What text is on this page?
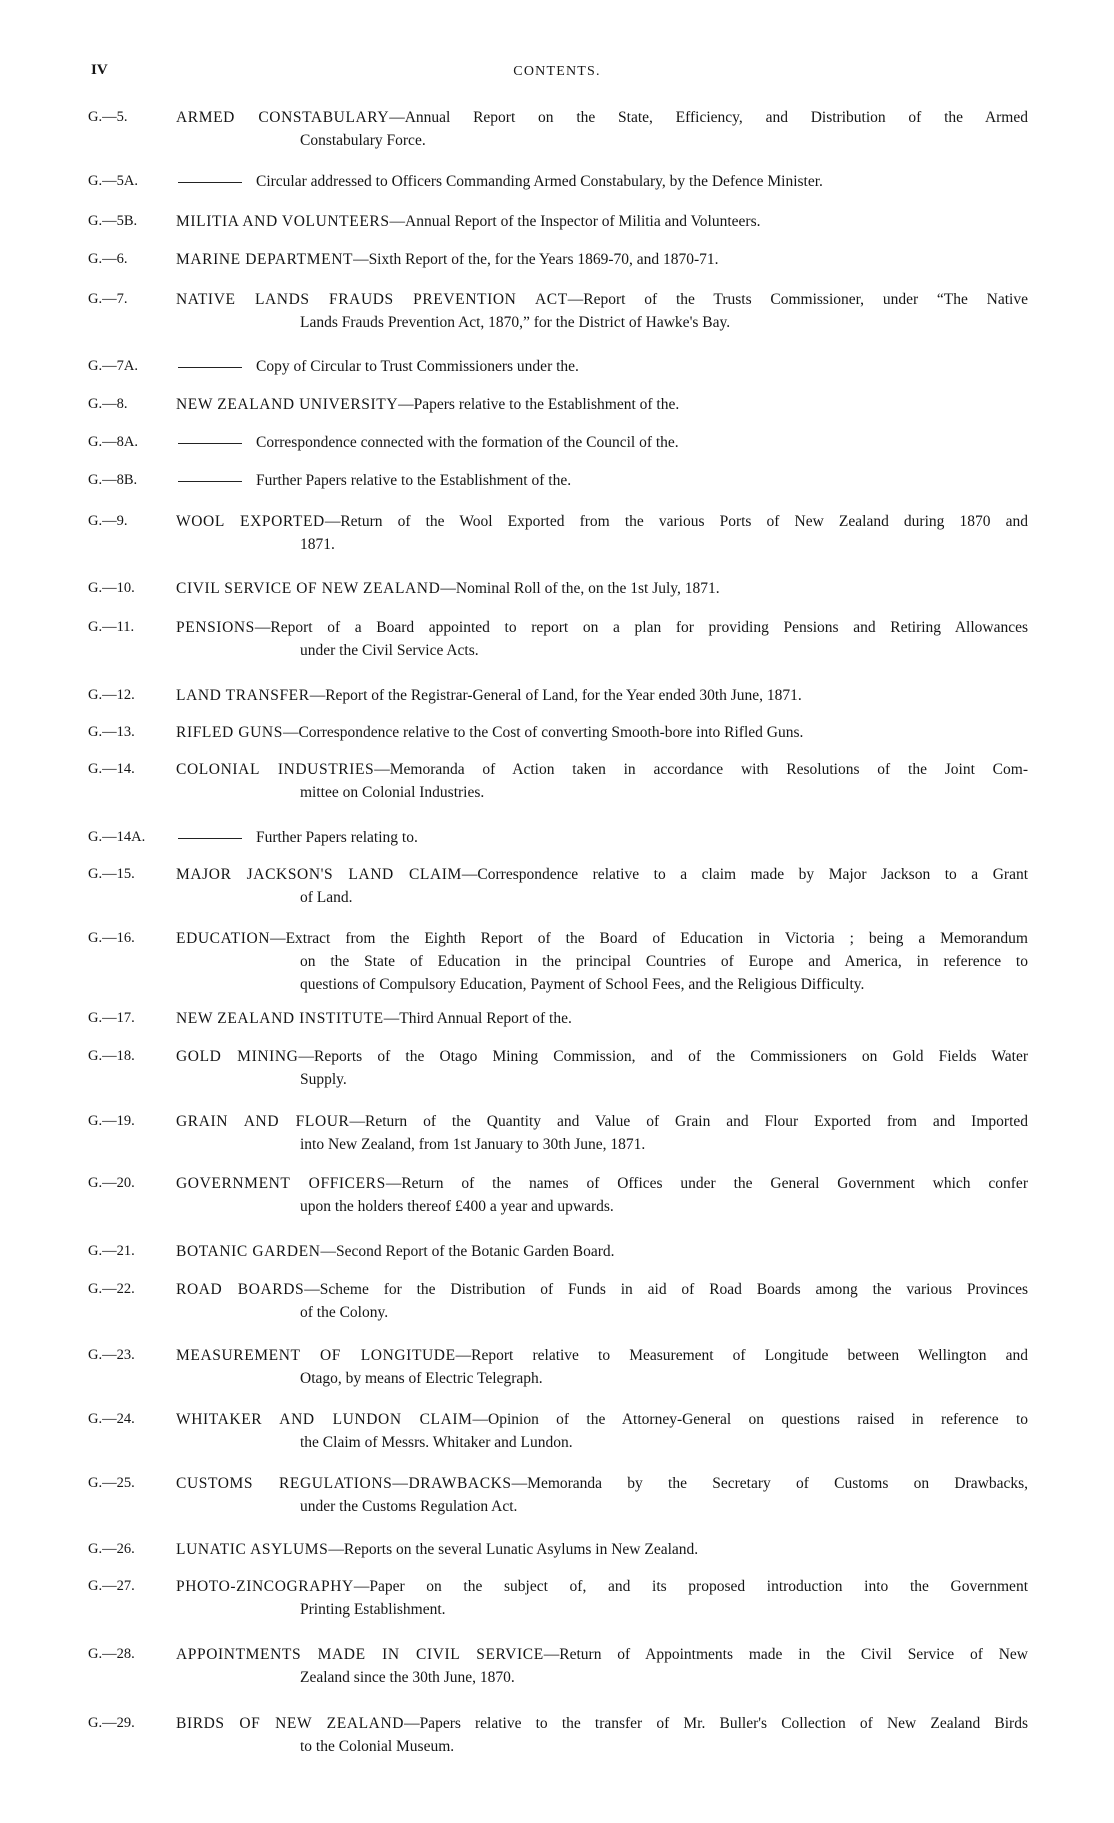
IV	CONTENTS.
G.—5.	ARMED CONSTABULARY—Annual Report on the State, Efficiency, and Distribution of the Armed
Constabulary Force.
G.—5A.	Circular addressed to Officers Commanding Armed Constabulary, by the Defence Minister.
G.—5B.	MILITIA AND VOLUNTEERS—Annual Report of the Inspector of Militia and Volunteers.
G.—6.	MARINE DEPARTMENT—Sixth Report of the, for the Years 1869-70, and 1870-71.
G.—7.	NATIVE LANDS FRAUDS PREVENTION ACT—Report of the Trusts Commissioner, under “The Native
Lands Frauds Prevention Act, 1870,” for the District of Hawke's Bay.
G.—7A.	Copy of Circular to Trust Commissioners under the.
G.—8.	NEW ZEALAND UNIVERSITY—Papers relative to the Establishment of the.
G.—8A.	Correspondence connected with the formation of the Council of the.
G.—8B.	Further Papers relative to the Establishment of the.
G.—9.	WOOL EXPORTED—Return of the Wool Exported from the various Ports of New Zealand during 1870 and
1871.
G.—10.	CIVIL SERVICE OF NEW ZEALAND—Nominal Roll of the, on the 1st July, 1871.
G.—11.	PENSIONS—Report of a Board appointed to report on a plan for providing Pensions and Retiring Allowances
under the Civil Service Acts.
G.—12.	LAND TRANSFER—Report of the Registrar-General of Land, for the Year ended 30th June, 1871.
G.—13.	RIFLED GUNS—Correspondence relative to the Cost of converting Smooth-bore into Rifled Guns.
G.—14.	COLONIAL INDUSTRIES—Memoranda of Action taken in accordance with Resolutions of the Joint Com-
mittee on Colonial Industries.
G.—14A.	Further Papers relating to.
G.—15.	MAJOR JACKSON'S LAND CLAIM—Correspondence relative to a claim made by Major Jackson to a Grant
of Land.
G.—16.	EDUCATION—Extract from the Eighth Report of the Board of Education in Victoria ; being a Memorandum
on the State of Education in the principal Countries of Europe and America, in reference to
questions of Compulsory Education, Payment of School Fees, and the Religious Difficulty.
G.—17.	NEW ZEALAND INSTITUTE—Third Annual Report of the.
G.—18.	GOLD MINING—Reports of the Otago Mining Commission, and of the Commissioners on Gold Fields Water
Supply.
G.—19.	GRAIN AND FLOUR—Return of the Quantity and Value of Grain and Flour Exported from and Imported
into New Zealand, from 1st January to 30th June, 1871.
G.—20.	GOVERNMENT OFFICERS—Return of the names of Offices under the General Government which confer
upon the holders thereof £400 a year and upwards.
G.—21.	BOTANIC GARDEN—Second Report of the Botanic Garden Board.
G.—22.	ROAD BOARDS—Scheme for the Distribution of Funds in aid of Road Boards among the various Provinces
of the Colony.
G.—23.	MEASUREMENT OF LONGITUDE—Report relative to Measurement of Longitude between Wellington and
Otago, by means of Electric Telegraph.
G.—24.	WHITAKER AND LUNDON CLAIM—Opinion of the Attorney-General on questions raised in reference to
the Claim of Messrs. Whitaker and Lundon.
G.—25.	CUSTOMS REGULATIONS—DRAWBACKS—Memoranda by the Secretary of Customs on Drawbacks,
under the Customs Regulation Act.
G.—26.	LUNATIC ASYLUMS—Reports on the several Lunatic Asylums in New Zealand.
G.—27.	PHOTO-ZINCOGRAPHY—Paper on the subject of, and its proposed introduction into the Government
Printing Establishment.
G.—28.	APPOINTMENTS MADE IN CIVIL SERVICE—Return of Appointments made in the Civil Service of New
Zealand since the 30th June, 1870.
G.—29.	BIRDS OF NEW ZEALAND—Papers relative to the transfer of Mr. Buller's Collection of New Zealand Birds
to the Colonial Museum.
